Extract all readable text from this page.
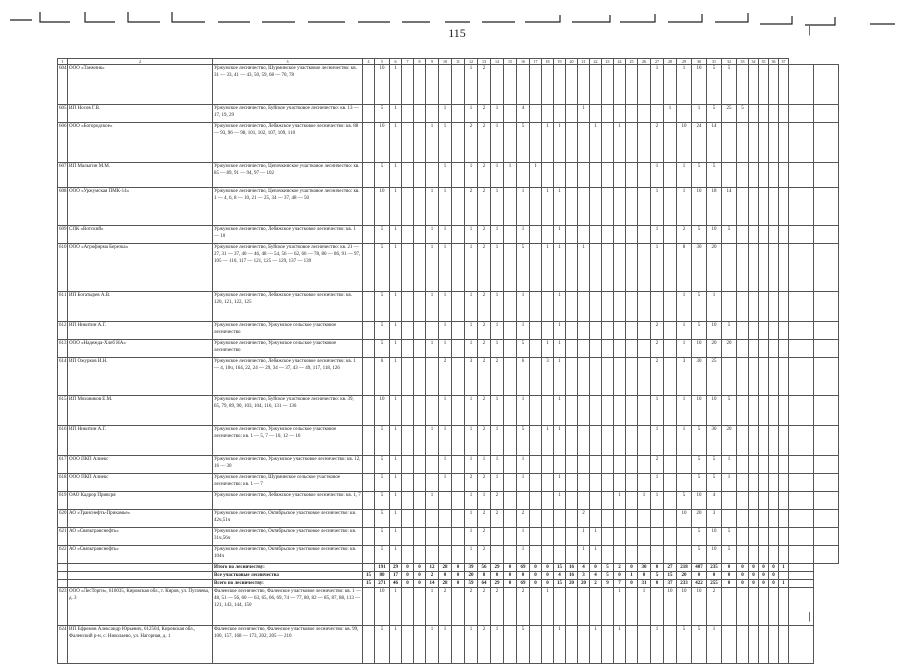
115
1	2	3	4	5	6	7	8	9	10	11	12	13	14	15	16	17	18	19	20	21	22	23	24	25	26	27	28	29	30	31	32	33	34	35	36	37		
604	ООО «Таежник»	Уржумское лесничество, Шурминское участковое лесничество: кв. 31 — 33, 41 — 43, 50, 59, 68 — 70, 78		10	1						1	2														1		1	10	5	5							
605	ИП Носов Г.В.	Уржумское лесничество, Буйское участковое лесничество: кв. 13 — 17, 19, 29		5	1				1		1	2	1		4					1							1		1	5	25	5						
606	ООО «Богородское»	Уржумское лесничество, Лебяжское участковое лесничество: кв. 88 — 93, 96 — 98, 101, 102, 107, 109, 110		10	1			1	1		2	2	1		5		1	1			1		1			2		10	24	14								
607	ИП Малыгин М.М.	Уржумское лесничество, Цепочкинское участковое лесничество: кв. 85 — 89, 91 — 94, 97 — 102		5	1				1		1	2	1	1		1										1		1	5	5								
608	ООО «Уржумская ПМК-14»	Уржумское лесничество, Цепочкинское участковое лесничество: кв. 1 — 4, 6, 8 — 10, 21 — 25, 34 — 37, 48 — 50		10	1			1	1		2	2	1		1		1	1								1		1	10	18	14							
609	СПК «Вотский»	Уржумское лесничество, Лебяжское участковое лесничество: кв. 1 — 10		5	1			1	1		1	2	1		1			1								1		2	5	10	5							
610	ООО «Агрофирма Березка»	Уржумское лесничество, Буйское участковое лесничество: кв. 21 — 27, 31 — 37, 40 — 46, 48 — 54, 56 — 62, 66 — 78, 80 — 86, 91 — 97, 105 — 110, 117 — 121, 125 — 129, 137 — 139		5	1			1	1		1	2	1		5		1	1		1						1		8	30	20								
611	ИП Богатырев А.В.	Уржумское лесничество, Лебяжское участковое лесничество: кв. 120, 121, 122, 125		5	1			1	1		1	2	1		1			1										1	5	1								
612	ИП Никитин А.Г.	Уржумское лесничество, Уржумское сельское участковое лесничество		5	1				1		1	2	1		1			1								2		1	5	10	5							
613	ООО «Надежда-Хлеб НА»	Уржумское лесничество, Уржумское сельское участковое лесничество		5	1			1	1		1	2	1		5		1	1								2		1	10	20	20							
614	ИП Ожурков И.Н.	Уржумское лесничество, Лебяжское участковое лесничество: кв. 1 — 4, 10ч, 164, 22, 24 — 29, 34 — 37, 43 — 49, 117, 118, 126		6	1				2		3	2	2		6		3	1								2		3	30	25								
615	ИП Моховиков Е.М.	Уржумское лесничество, Буйское участковое лесничество: кв. 39, 65, 79, 89, 90, 103, 104, 116, 131 — 136		10	1				1		1	2	1		1			1								1		1	10	10	5							
616	ИП Никитин А.Г.	Уржумское лесничество, Уржумское сельское участковое лесничество: кв. 1 — 5, 7 — 10, 12 — 16		5	1			1	1		1	2	1		5		1	1								1		1	5	30	20							
617	ООО ПКП Алиекс	Уржумское лесничество, Уржумское участковое лесничество: кв. 12, 16 — 30		5	1				1		1	1	1		1											2			5	5	1							
618	ООО ПКП Алиекс	Уржумское лесничество, Шурминское сельское участковое лесничество: кв. 1 — 7		5	1				1		2	2	1		1			1								1			5	5	1							
619	ОАО Кадрор Привсря	Уржумское лесничество, Лебяжское участковое лесничество: кв. 1, 7		5	1			1			1	1	2					1					1		1	1		5	10	4								
620	АО «Транснефть-Прикамье»	Уржумское лесничество, Октябрьское участковое лесничество: кв. 42ч,51ч		5	1						1	2	2		2					2								10	20	3								
621	АО «Связьтранснефть»	Уржумское лесничество, Октябрьское участковое лесничество: кв. 31ч,56ч		5	1						1	2			1					1	1								5	10	5							
622	АО «Связьтранснефть»	Уржумское лесничество, Октябрьское участковое лесничество: кв. 104ч		5	1						1	2			1					1	1								5	10	5							
		Итого по лесничеству:		191	29	0	0	12	28	0	39	56	29	0	69	0	0	15	16	4	0	5	2	0	30	0	27	218	407	235	0	0	0	0	0	1		
		Все участковые лесничества	15	80	17	0	0	2	0	0	20	8	0	0	0	0	0	4	16	3	4	5	0	1	0	5	15	20	0	0	0	0	0	0	0			
		Всего по лесничеству:	15	271	46	0	0	14	28	0	59	64	29	0	69	0	0	15	20	20	2	9	7	0	31	0	37	233	422	255	0	0	0	0	0	1		
623	ООО «ЛесТорги», 610035, Кировская обл., г. Киров, ул. Пугачева, д. 3	Фаленское лесничество, Фаленское участковое лесничество: кв. 1 — 48, 51 — 56, 60 — 63, 65, 66, 69, 74 — 77, 80, 82 — 85, 87, 88, 113 — 121, 143, 144, 150		10	1			1	2		2	2	2		2		1						1		1		10	10	10	2								
624	ИП Ефремов Александр Юрьевич, 612504, Кировская обл., Фаленский р-н, с. Николаево, ул. Нагорная, д. 1	Фаленское лесничество, Фаленское участковое лесничество: кв. 99, 100, 157, 168 — 173, 202, 205 — 210		5	1			1	1		1	2	1		5			1			1		1			1		5	5	1								
|
|
